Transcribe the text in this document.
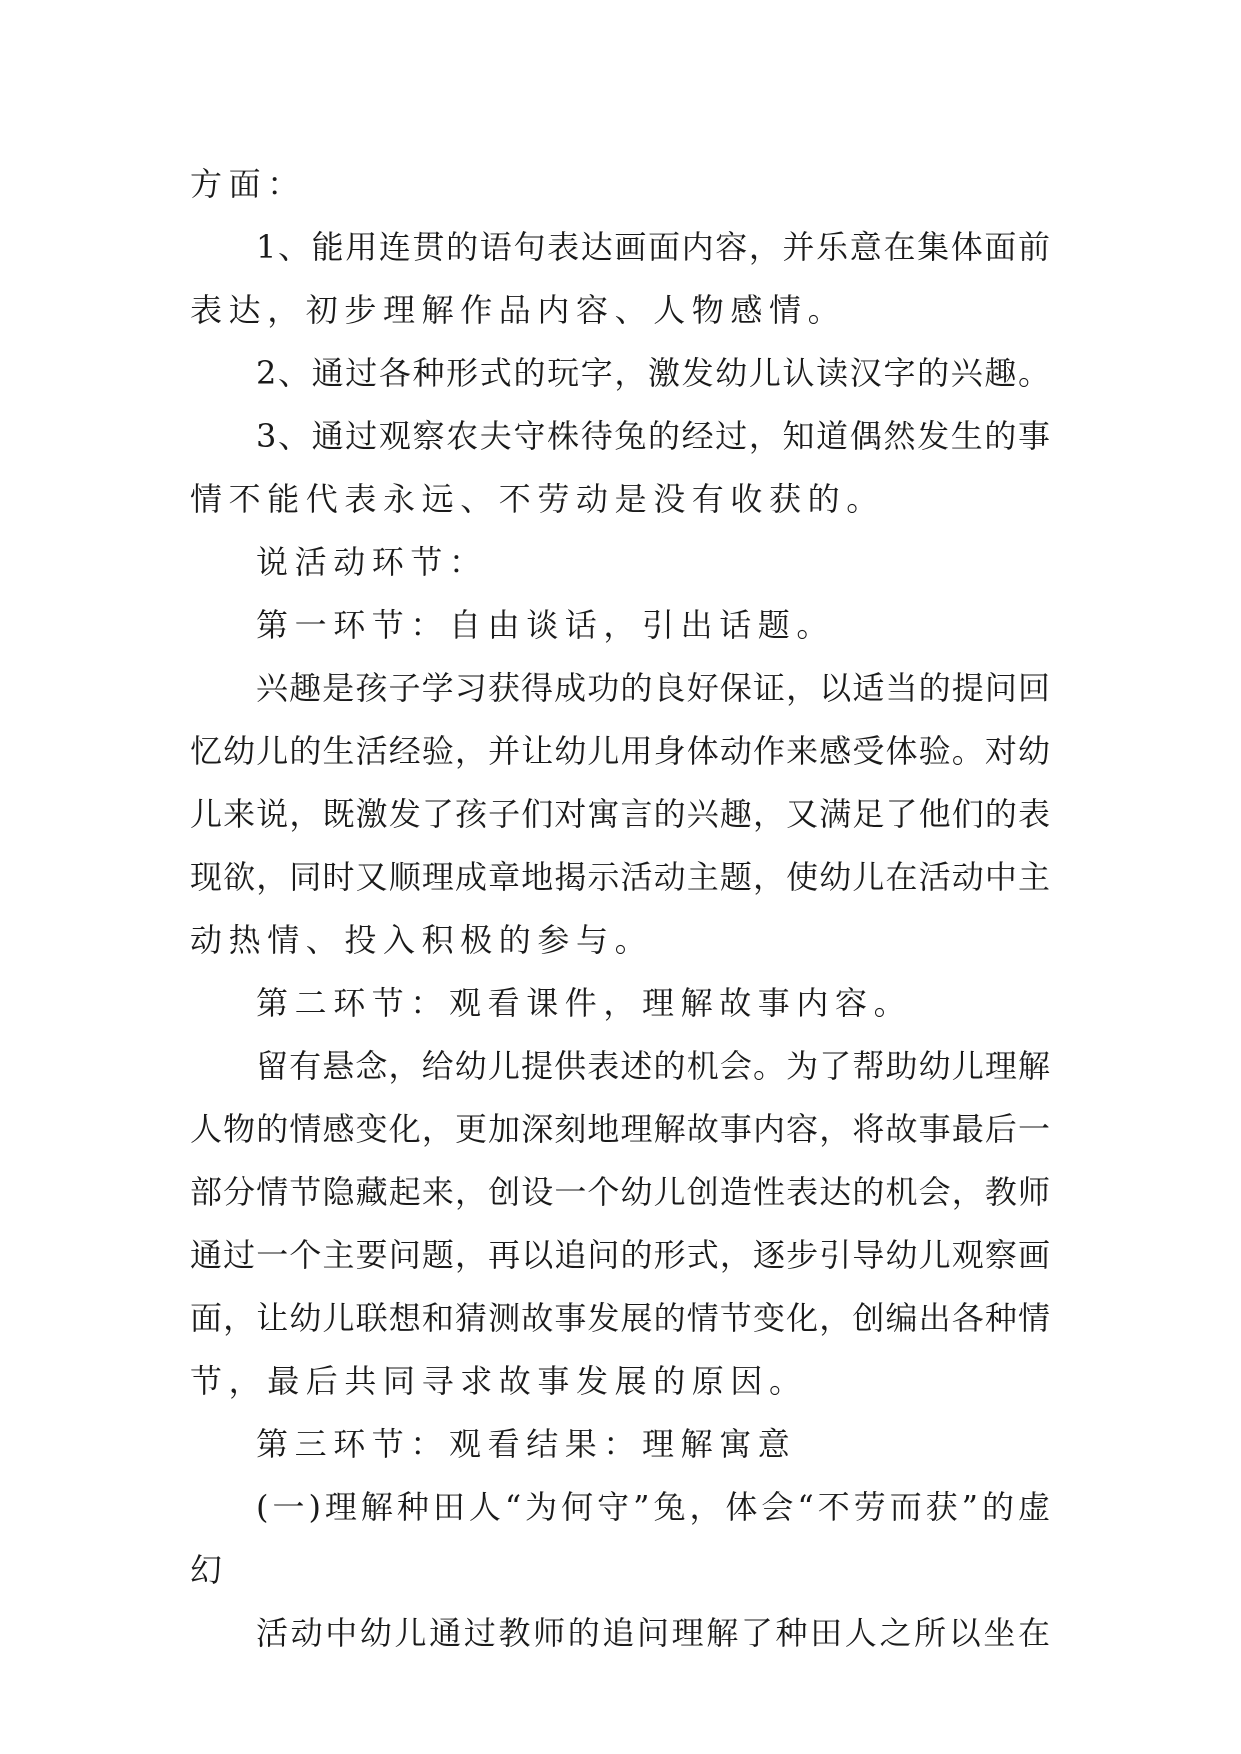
方面：
1、能用连贯的语句表达画面内容，并乐意在集体面前
表达，初步理解作品内容、人物感情。
2、通过各种形式的玩字，激发幼儿认读汉字的兴趣。
3、通过观察农夫守株待兔的经过，知道偶然发生的事
情不能代表永远、不劳动是没有收获的。
说活动环节：
第一环节：自由谈话，引出话题。
兴趣是孩子学习获得成功的良好保证，以适当的提问回
忆幼儿的生活经验，并让幼儿用身体动作来感受体验。对幼
儿来说，既激发了孩子们对寓言的兴趣，又满足了他们的表
现欲，同时又顺理成章地揭示活动主题，使幼儿在活动中主
动热情、投入积极的参与。
第二环节：观看课件，理解故事内容。
留有悬念，给幼儿提供表述的机会。为了帮助幼儿理解
人物的情感变化，更加深刻地理解故事内容，将故事最后一
部分情节隐藏起来，创设一个幼儿创造性表达的机会，教师
通过一个主要问题，再以追问的形式，逐步引导幼儿观察画
面，让幼儿联想和猜测故事发展的情节变化，创编出各种情
节，最后共同寻求故事发展的原因。
第三环节：观看结果：理解寓意
(一)理解种田人“为何守”兔，体会“不劳而获”的虚
幻
活动中幼儿通过教师的追问理解了种田人之所以坐在
